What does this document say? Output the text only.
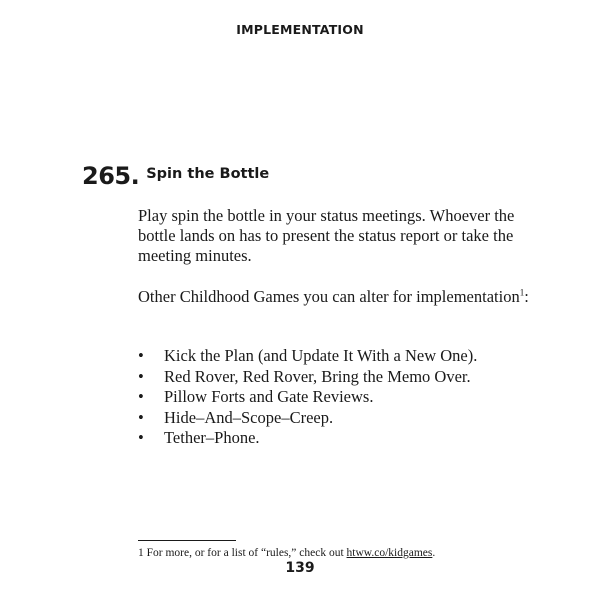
IMPLEMENTATION
265. Spin the Bottle
Play spin the bottle in your status meetings. Whoever the bottle lands on has to present the status report or take the meeting minutes.
Other Childhood Games you can alter for implementation$^1$:
• Kick the Plan (and Update It With a New One).
• Red Rover, Red Rover, Bring the Memo Over.
• Pillow Forts and Gate Reviews.
• Hide–And–Scope–Creep.
• Tether–Phone.
1 For more, or for a list of “rules,” check out htww.co/kidgames.
139
